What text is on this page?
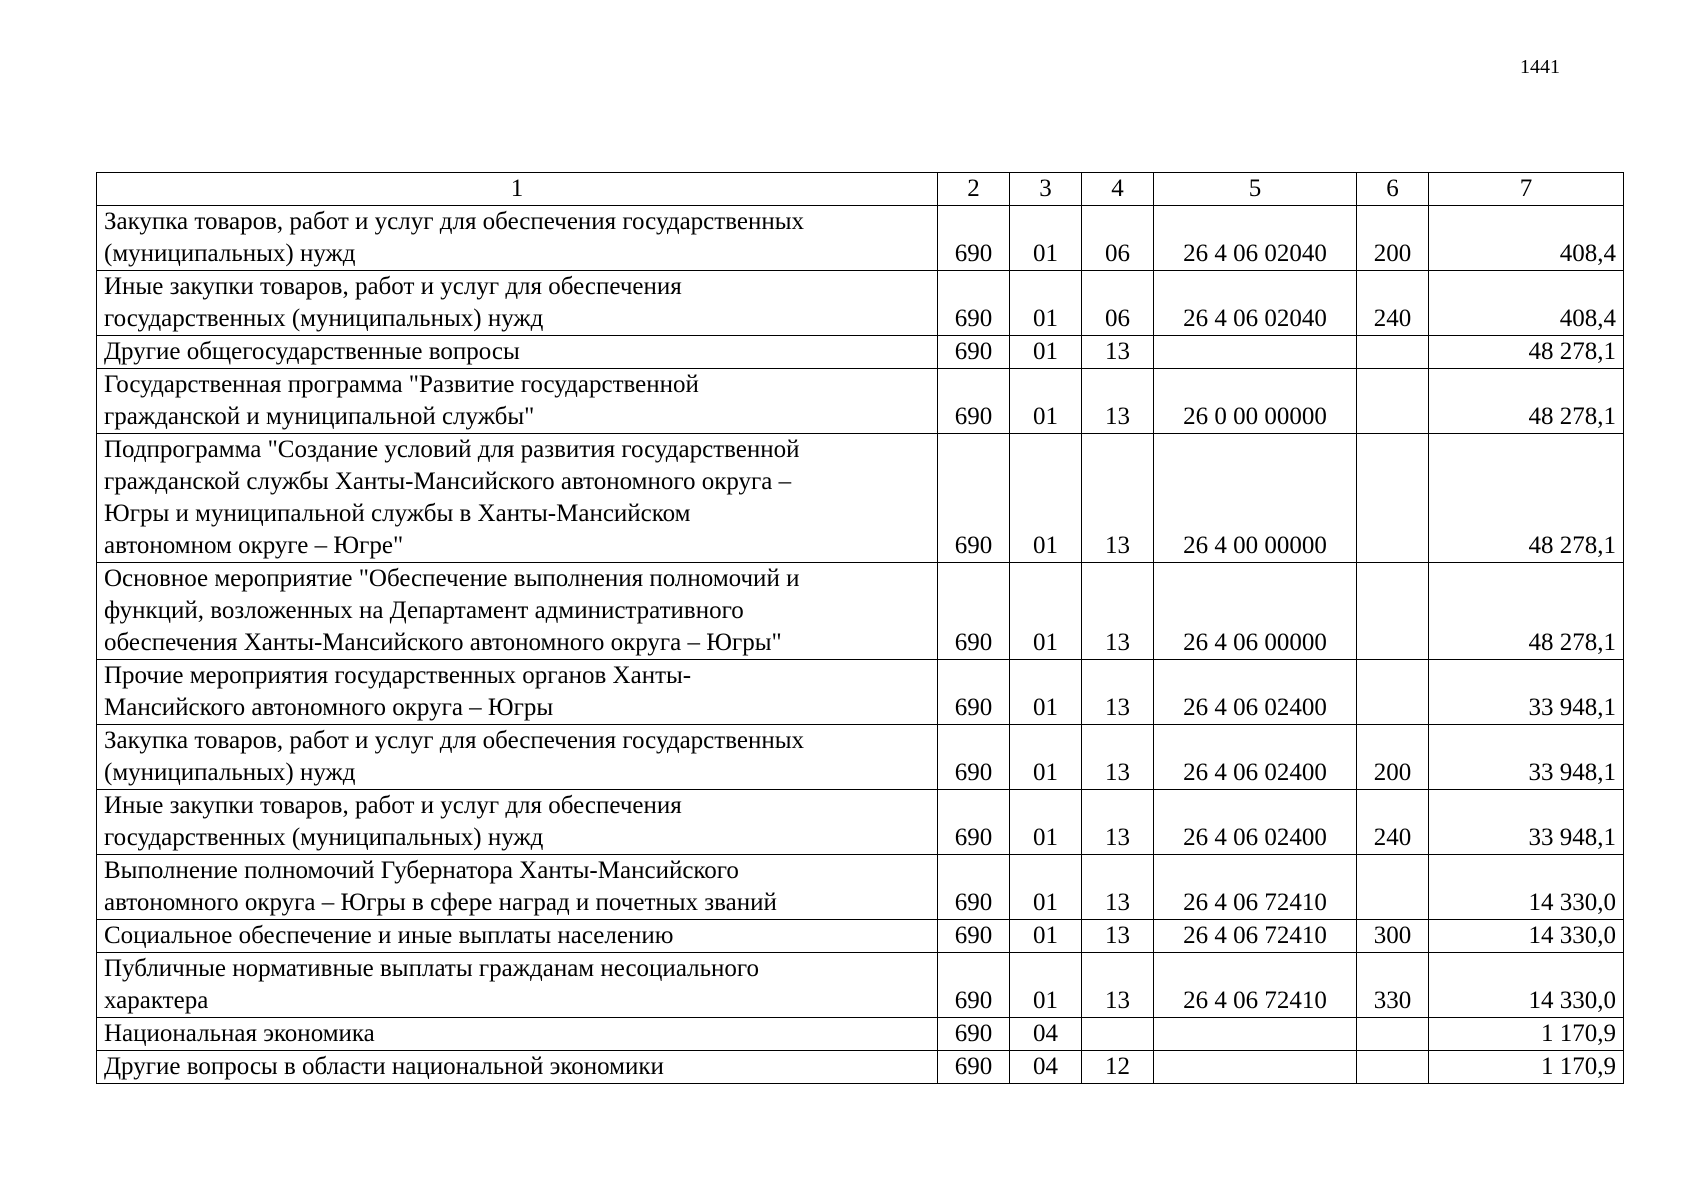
1441
1	2	3	4	5	6	7

Закупка товаров, работ и услуг для обеспечения государственных
(муниципальных) нужд	690	01	06	26 4 06 02040	200	408,4

Иные закупки товаров, работ и услуг для обеспечения
государственных (муниципальных) нужд	690	01	06	26 4 06 02040	240	408,4

Другие общегосударственные вопросы	690	01	13			48 278,1

Государственная программа "Развитие государственной
гражданской и муниципальной службы"	690	01	13	26 0 00 00000		48 278,1

Подпрограмма "Создание условий для развития государственной
гражданской службы Ханты-Мансийского автономного округа –
Югры и муниципальной службы в Ханты-Мансийском
автономном округе – Югре"	690	01	13	26 4 00 00000		48 278,1

Основное мероприятие "Обеспечение выполнения полномочий и
функций, возложенных на Департамент административного
обеспечения Ханты-Мансийского автономного округа – Югры"	690	01	13	26 4 06 00000		48 278,1

Прочие мероприятия государственных органов Ханты-
Мансийского автономного округа – Югры	690	01	13	26 4 06 02400		33 948,1

Закупка товаров, работ и услуг для обеспечения государственных
(муниципальных) нужд	690	01	13	26 4 06 02400	200	33 948,1

Иные закупки товаров, работ и услуг для обеспечения
государственных (муниципальных) нужд	690	01	13	26 4 06 02400	240	33 948,1

Выполнение полномочий Губернатора Ханты-Мансийского
автономного округа – Югры в сфере наград и почетных званий	690	01	13	26 4 06 72410		14 330,0

Социальное обеспечение и иные выплаты населению	690	01	13	26 4 06 72410	300	14 330,0

Публичные нормативные выплаты гражданам несоциального
характера	690	01	13	26 4 06 72410	330	14 330,0

Национальная экономика	690	04				1 170,9

Другие вопросы в области национальной экономики	690	04	12			1 170,9
